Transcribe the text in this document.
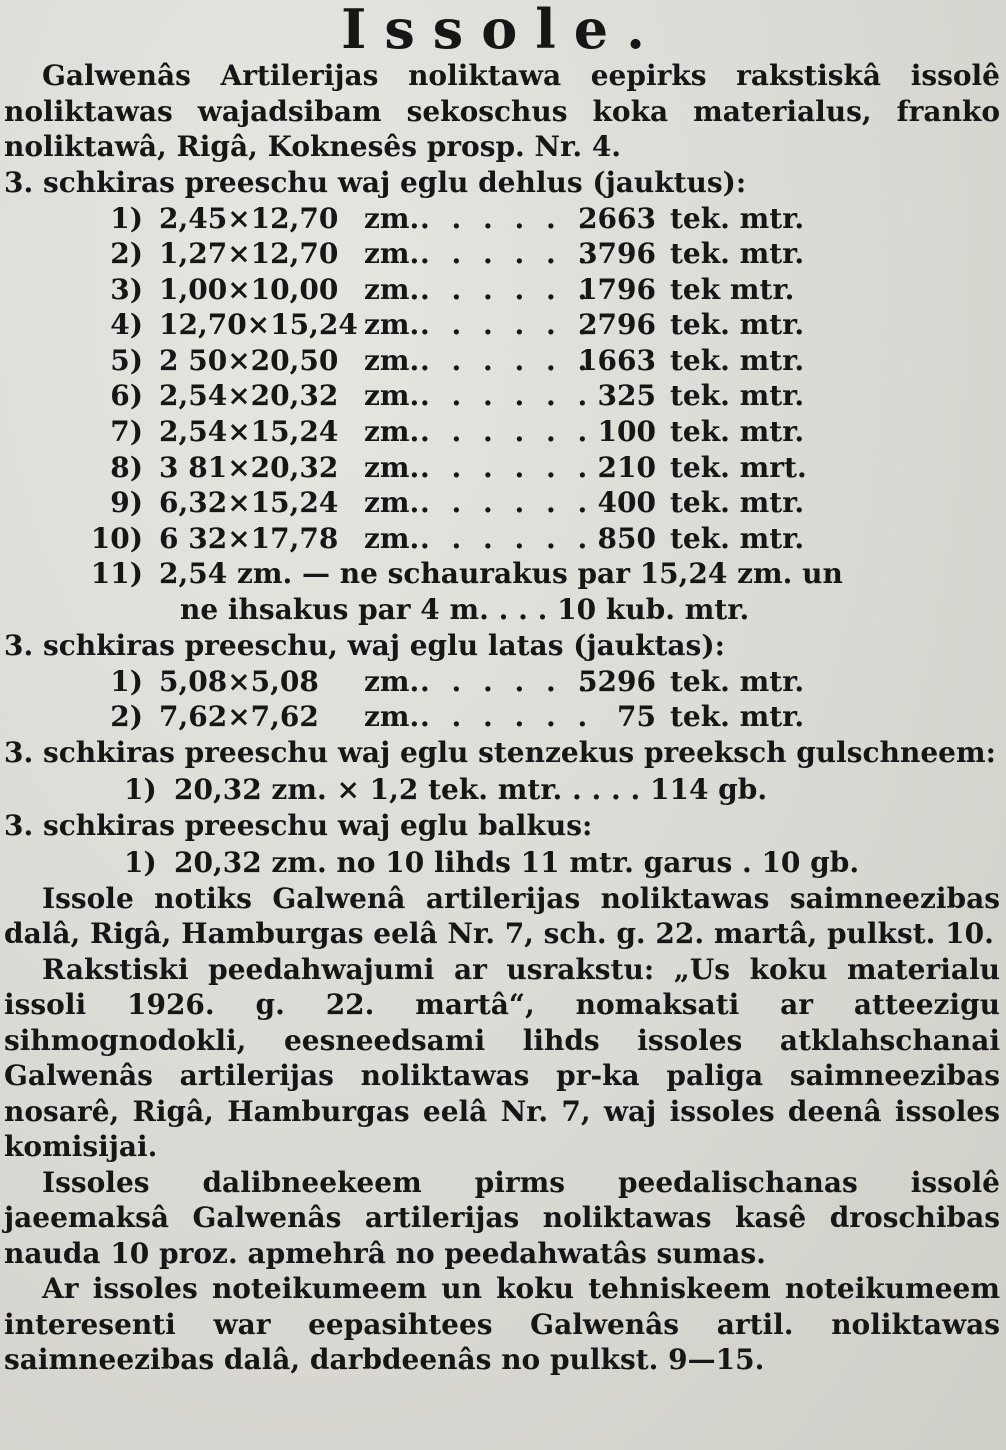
Issole.

Galwenâs Artilerijas noliktawa eepirks rakstiskâ issolê noliktawas wajadsibam sekoschus koka materialus, franko noliktawâ, Rigâ, Koknesês prosp. Nr. 4.

3. schkiras preeschu waj eglu dehlus (jauktus):

1) 2,45×12,70 zm. . . . . . .
2663 tek. mtr.
2) 1,27×12,70 zm. . . . . . .
3796 tek. mtr.
3) 1,00×10,00 zm. . . . . . .
1796 tek mtr.
4) 12,70×15,24 zm. . . . . . .
2796 tek. mtr.
5) 2 50×20,50 zm. . . . . . .
1663 tek. mtr.
6) 2,54×20,32 zm. . . . . . . 325 tek. mtr.
7) 2,54×15,24 zm. . . . . . . 100 tek. mtr.
8) 3 81×20,32 zm. . . . . . . 210 tek. mrt.
9) 6,32×15,24 zm. . . . . . . 400 tek. mtr.
10) 6 32×17,78 zm. . . . . . . 850 tek. mtr.
11) 2,54 zm. — ne schaurakus par 15,24 zm. un
ne ihsakus par 4 m. . . . 10 kub. mtr.

3. schkiras preeschu, waj eglu latas (jauktas):

1) 5,08×5,08	zm. . . . . . .
5296 tek. mtr.
2) 7,62×7,62	zm. . . . . . . 75 tek. mtr.

3. schkiras preeschu waj eglu stenzekus preeksch gulschneem:

1) 20,32 zm. × 1,2 tek. mtr. . . . . 114 gb.

3. schkiras preeschu waj eglu balkus:

1) 20,32 zm. no 10 lihds 11 mtr. garus . 10 gb.

Issole notiks Galwenâ artilerijas noliktawas saimneezibas dalâ, Rigâ, Hamburgas eelâ Nr. 7, sch. g. 22. martâ, pulkst. 10.

Rakstiski peedahwajumi ar usrakstu: „Us koku materialu issoli 1926. g. 22. martâ“, nomaksati ar atteezigu sihmognodokli, eesneedsami lihds issoles atklahschanai Galwenâs artilerijas noliktawas pr-ka paliga saimneezibas nosarê, Rigâ, Hamburgas eelâ Nr. 7, waj issoles deenâ issoles komisijai.

Issoles dalibneekeem pirms peedalischanas issolê jaeemaksâ Galwenâs artilerijas noliktawas kasê droschibas nauda 10 proz. apmehrâ no peedahwatâs sumas.

Ar issoles noteikumeem un koku tehniskeem noteikumeem interesenti war eepasihtees Galwenâs artil. noliktawas saimneezibas dalâ, darbdeenâs no pulkst. 9—15.
